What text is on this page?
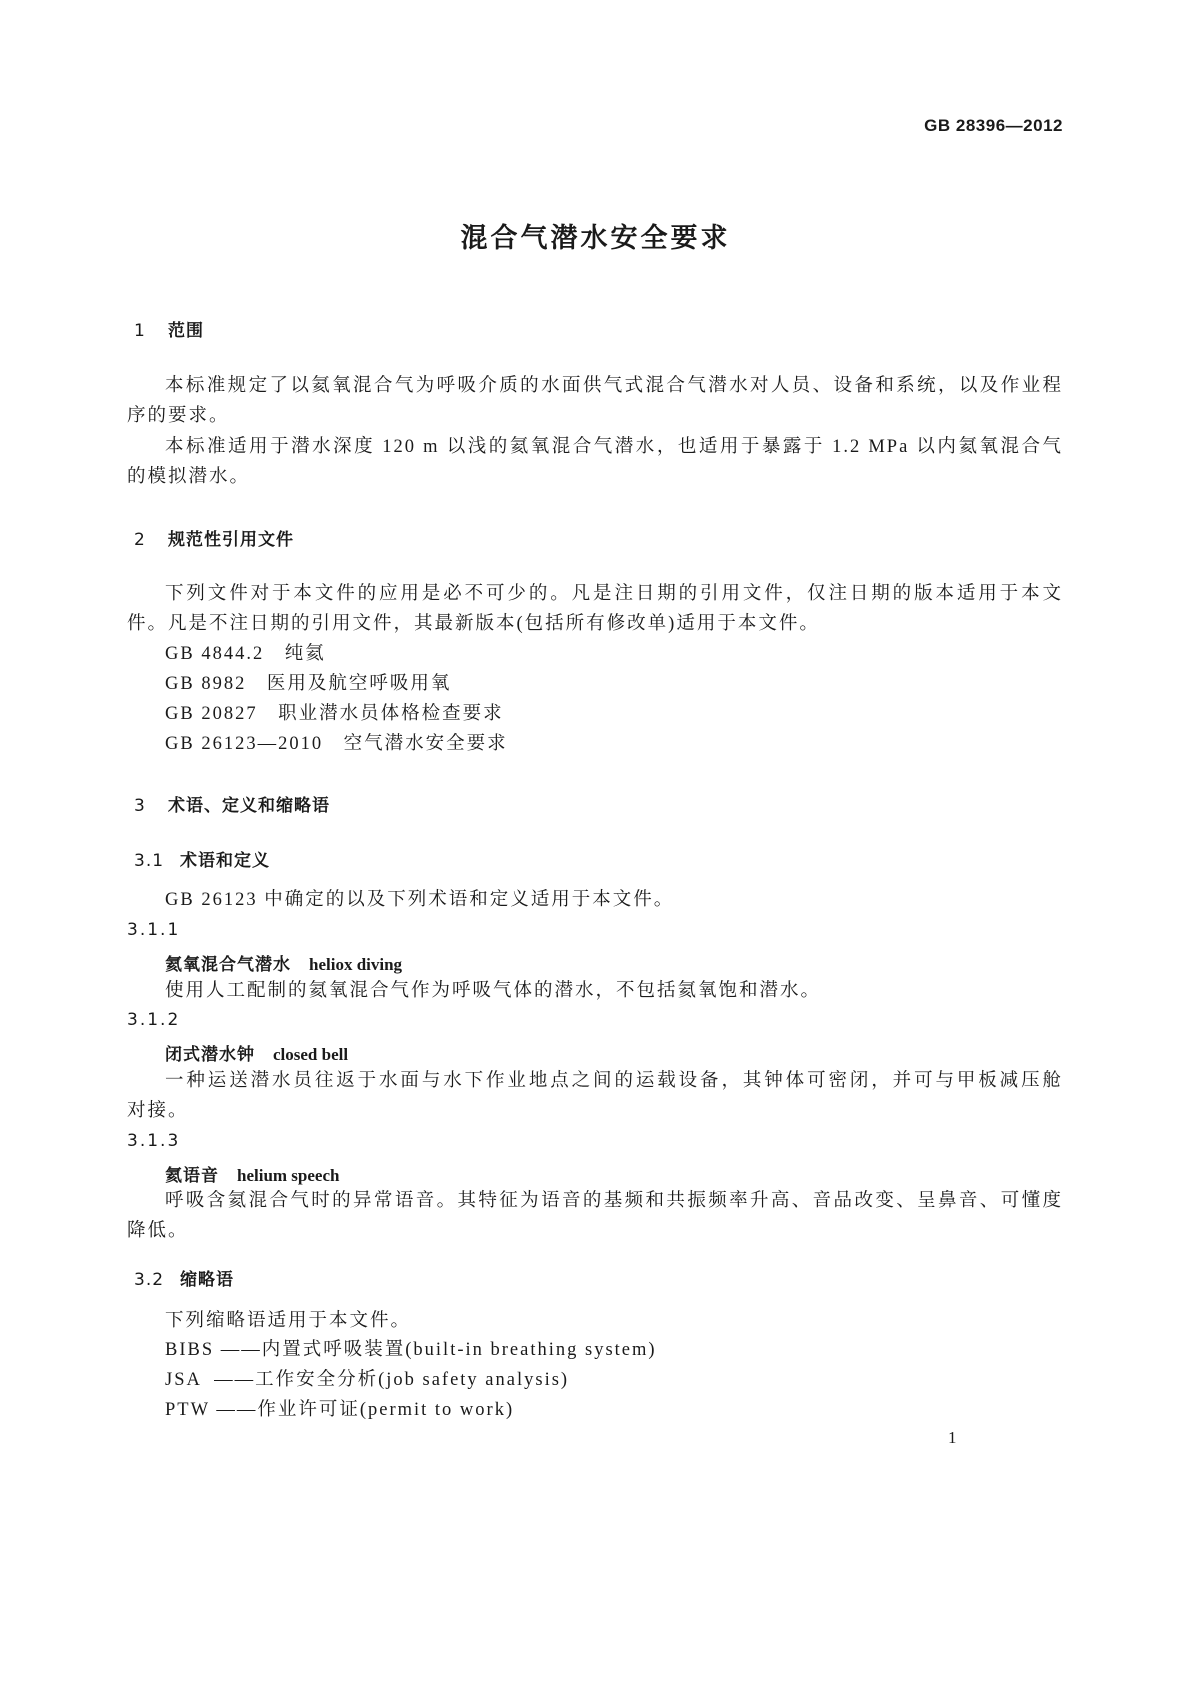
GB 28396—2012
混合气潜水安全要求
1 范围
本标准规定了以氦氧混合气为呼吸介质的水面供气式混合气潜水对人员、设备和系统，以及作业程
序的要求。
本标准适用于潜水深度 120 m 以浅的氦氧混合气潜水，也适用于暴露于 1.2 MPa 以内氦氧混合气
的模拟潜水。
2 规范性引用文件
下列文件对于本文件的应用是必不可少的。凡是注日期的引用文件，仅注日期的版本适用于本文
件。凡是不注日期的引用文件，其最新版本(包括所有修改单)适用于本文件。
GB 4844.2  纯氦
GB 8982  医用及航空呼吸用氧
GB 20827  职业潜水员体格检查要求
GB 26123—2010  空气潜水安全要求
3 术语、定义和缩略语
3.1 术语和定义
GB 26123 中确定的以及下列术语和定义适用于本文件。
3.1.1
氦氧混合气潜水 heliox diving
使用人工配制的氦氧混合气作为呼吸气体的潜水，不包括氦氧饱和潜水。
3.1.2
闭式潜水钟 closed bell
一种运送潜水员往返于水面与水下作业地点之间的运载设备，其钟体可密闭，并可与甲板减压舱
对接。
3.1.3
氦语音 helium speech
呼吸含氦混合气时的异常语音。其特征为语音的基频和共振频率升高、音品改变、呈鼻音、可懂度
降低。
3.2 缩略语
下列缩略语适用于本文件。
BIBS ——内置式呼吸装置(built-in breathing system)
JSA  ——工作安全分析(job safety analysis)
PTW ——作业许可证(permit to work)
1
